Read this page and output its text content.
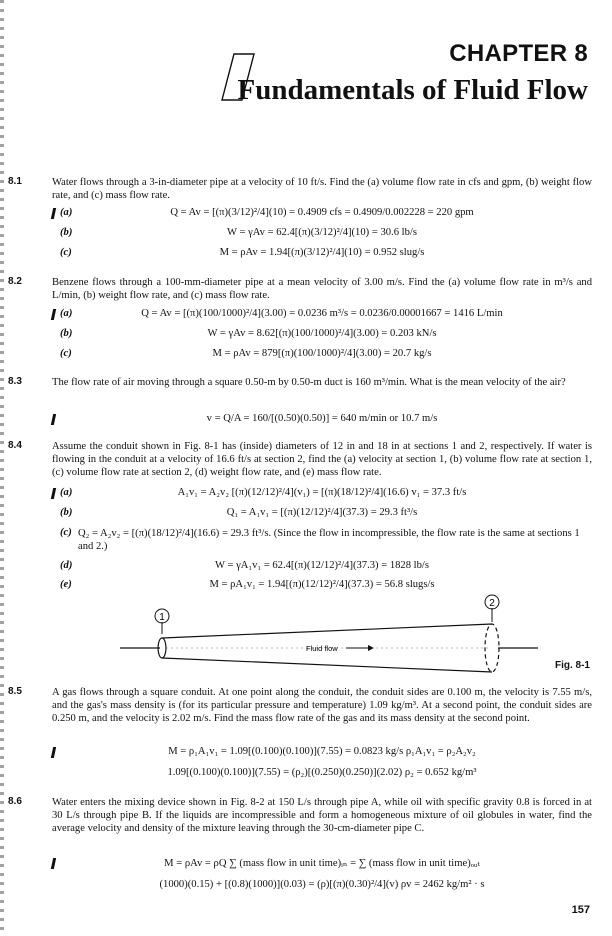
CHAPTER 8
Fundamentals of Fluid Flow
8.1	Water flows through a 3-in-diameter pipe at a velocity of 10 ft/s. Find the (a) volume flow rate in cfs and gpm, (b) weight flow rate, and (c) mass flow rate.

(a)	Q = Av = [(π)(3/12)²/4](10) = 0.4909 cfs = 0.4909/0.002228 = 220 gpm
(b)	W = γAv = 62.4[(π)(3/12)²/4](10) = 30.6 lb/s
(c)	M = ρAv = 1.94[(π)(3/12)²/4](10) = 0.952 slug/s
8.2	Benzene flows through a 100-mm-diameter pipe at a mean velocity of 3.00 m/s. Find the (a) volume flow rate in m³/s and L/min, (b) weight flow rate, and (c) mass flow rate.

(a)	Q = Av = [(π)(100/1000)²/4](3.00) = 0.0236 m³/s = 0.0236/0.00001667 = 1416 L/min
(b)	W = γAv = 8.62[(π)(100/1000)²/4](3.00) = 0.203 kN/s
(c)	M = ρAv = 879[(π)(100/1000)²/4](3.00) = 20.7 kg/s
8.3	The flow rate of air moving through a square 0.50-m by 0.50-m duct is 160 m³/min. What is the mean velocity of the air?

v = Q/A = 160/[(0.50)(0.50)] = 640 m/min or 10.7 m/s
8.4	Assume the conduit shown in Fig. 8-1 has (inside) diameters of 12 in and 18 in at sections 1 and 2, respectively. If water is flowing in the conduit at a velocity of 16.6 ft/s at section 2, find the (a) velocity at section 1, (b) volume flow rate at section 1, (c) volume flow rate at section 2, (d) weight flow rate, and (e) mass flow rate.

(a)	A₁v₁ = A₂v₂ [(π)(12/12)²/4](v₁) = [(π)(18/12)²/4](16.6) v₁ = 37.3 ft/s
(b)	Q₁ = A₁v₁ = [(π)(12/12)²/4](37.3) = 29.3 ft³/s
(c) Q₂ = A₂v₂ = [(π)(18/12)²/4](16.6) = 29.3 ft³/s. (Since the flow in incompressible, the flow rate is the same at sections 1 and 2.)
(d)	W = γA₁v₁ = 62.4[(π)(12/12)²/4](37.3) = 1828 lb/s
(e)	M = ρA₁v₁ = 1.94[(π)(12/12)²/4](37.3) = 56.8 slugs/s
1
2
Fluid flow
Fig. 8-1
8.5	A gas flows through a square conduit. At one point along the conduit, the conduit sides are 0.100 m, the velocity is 7.55 m/s, and the gas's mass density is (for its particular pressure and temperature) 1.09 kg/m³. At a second point, the conduit sides are 0.250 m, and the velocity is 2.02 m/s. Find the mass flow rate of the gas and its mass density at the second point.

M = ρ₁A₁v₁ = 1.09[(0.100)(0.100)](7.55) = 0.0823 kg/s ρ₁A₁v₁ = ρ₂A₂v₂
1.09[(0.100)(0.100)](7.55) = (ρ₂)[(0.250)(0.250)](2.02) ρ₂ = 0.652 kg/m³
8.6	Water enters the mixing device shown in Fig. 8-2 at 150 L/s through pipe A, while oil with specific gravity 0.8 is forced in at 30 L/s through pipe B. If the liquids are incompressible and form a homogeneous mixture of oil globules in water, find the average velocity and density of the mixture leaving through the 30-cm-diameter pipe C.

M = ρAv = ρQ ∑ (mass flow in unit time)ᵢₙ = ∑ (mass flow in unit time)ₒᵤₜ
(1000)(0.15) + [(0.8)(1000)](0.03) = (ρ)[(π)(0.30)²/4](v) ρv = 2462 kg/m² · s
157
